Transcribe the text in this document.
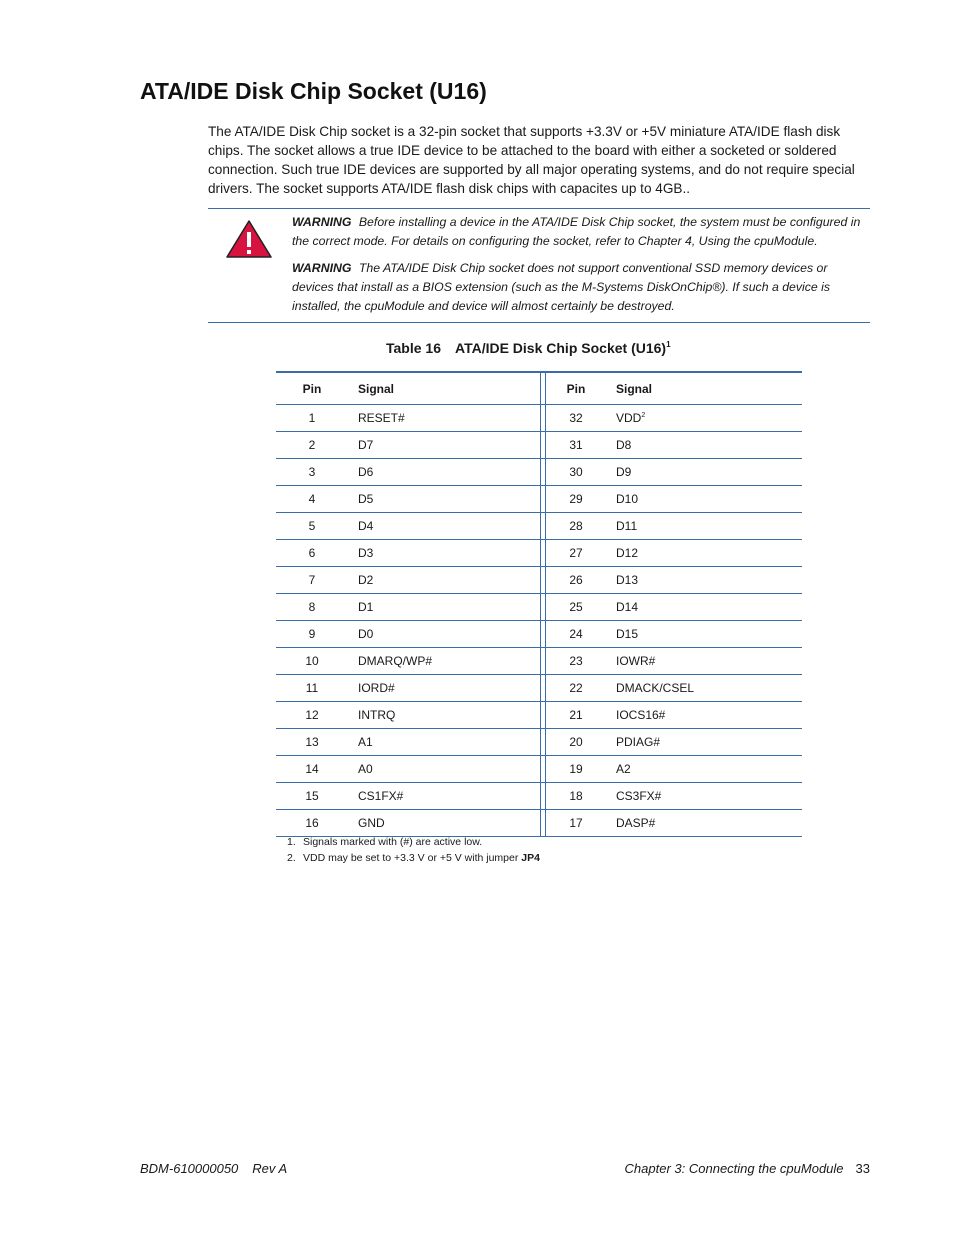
ATA/IDE Disk Chip Socket (U16)

The ATA/IDE Disk Chip socket is a 32-pin socket that supports +3.3V or +5V miniature ATA/IDE flash disk chips. The socket allows a true IDE device to be attached to the board with either a socketed or soldered connection. Such true IDE devices are supported by all major operating systems, and do not require special drivers. The socket supports ATA/IDE flash disk chips with capacites up to 4GB..

WARNING Before installing a device in the ATA/IDE Disk Chip socket, the system must be configured in the correct mode. For details on configuring the socket, refer to Chapter 4, Using the cpuModule.

WARNING The ATA/IDE Disk Chip socket does not support conventional SSD memory devices or devices that install as a BIOS extension (such as the M-Systems DiskOnChip®). If such a device is installed, the cpuModule and device will almost certainly be destroyed.

Table 16 ATA/IDE Disk Chip Socket $(U16)^1$

Pin	Signal		Pin	Signal
1	RESET#		32	VDD$^2$
2	D7		31	D8
3	D6		30	D9
4	D5		29	D10
5	D4		28	D11
6	D3		27	D12
7	D2		26	D13
8	D1		25	D14
9	D0		24	D15
10	DMARQ/WP#		23	IOWR#
11	IORD#		22	DMACK/CSEL
12	INTRQ		21	IOCS16#
13	A1		20	PDIAG#
14	A0		19	A2
15	CS1FX#		18	CS3FX#
16	GND		17	DASP#
1. Signals marked with (#) are active low.
2. VDD may be set to +3.3 V or +5 V with jumper JP4
BDM-610000050 Rev A	Chapter 3: Connecting the cpuModule 33
